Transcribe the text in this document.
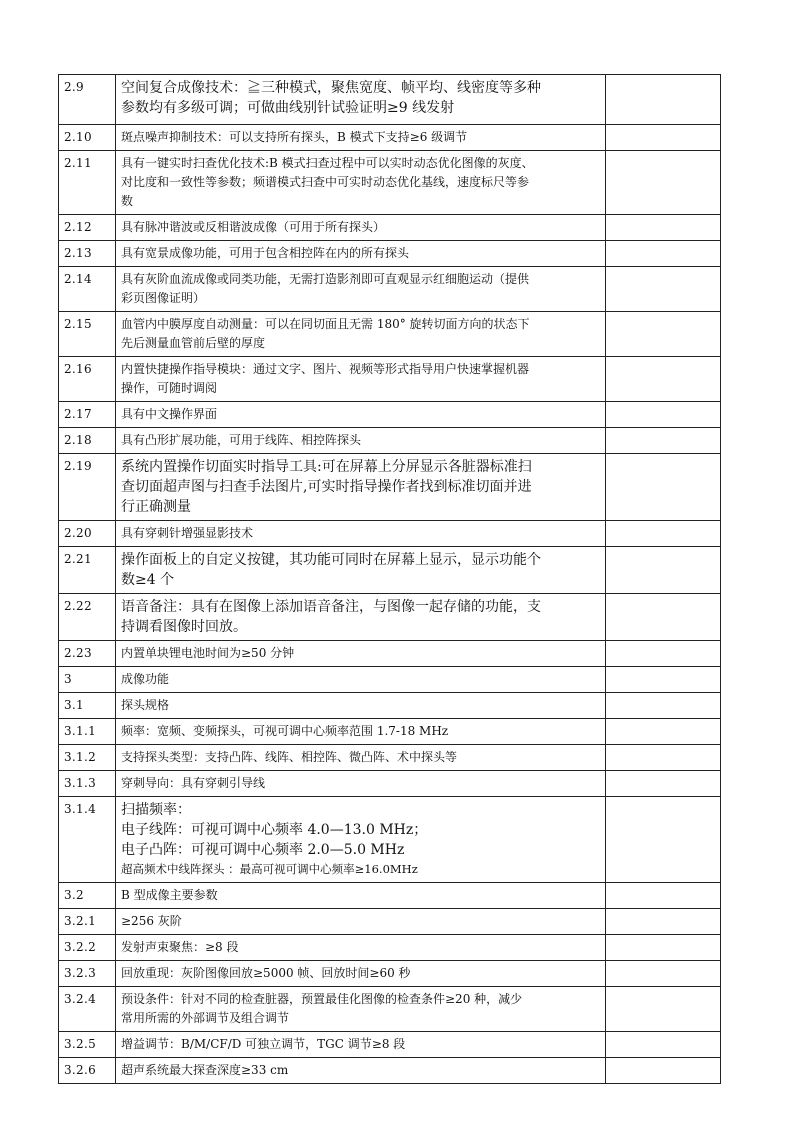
2.9	空间复合成像技术：≧三种模式，聚焦宽度、帧平均、线密度等多种
参数均有多级可调；可做曲线别针试验证明≥9 线发射	

2.10	斑点噪声抑制技术：可以支持所有探头，B 模式下支持≥6 级调节	

2.11	具有一键实时扫查优化技术:B 模式扫查过程中可以实时动态优化图像的灰度、
对比度和一致性等参数；频谱模式扫查中可实时动态优化基线，速度标尺等参
数	

2.12	具有脉冲谐波或反相谐波成像（可用于所有探头）	

2.13	具有宽景成像功能，可用于包含相控阵在内的所有探头	

2.14	具有灰阶血流成像或同类功能，无需打造影剂即可直观显示红细胞运动（提供
彩页图像证明）	

2.15	血管内中膜厚度自动测量：可以在同切面且无需 180° 旋转切面方向的状态下
先后测量血管前后壁的厚度	

2.16	内置快捷操作指导模块：通过文字、图片、视频等形式指导用户快速掌握机器
操作，可随时调阅	

2.17	具有中文操作界面	

2.18	具有凸形扩展功能，可用于线阵、相控阵探头	

2.19	系统内置操作切面实时指导工具:可在屏幕上分屏显示各脏器标准扫
查切面超声图与扫查手法图片,可实时指导操作者找到标准切面并进
行正确测量	

2.20	具有穿刺针增强显影技术	

2.21	操作面板上的自定义按键，其功能可同时在屏幕上显示，显示功能个
数≥4 个	

2.22	语音备注：具有在图像上添加语音备注，与图像一起存储的功能，支
持调看图像时回放。	

2.23	内置单块锂电池时间为≥50 分钟	

3	成像功能	

3.1	探头规格	

3.1.1	频率：宽频、变频探头，可视可调中心频率范围 1.7-18 MHz	

3.1.2	支持探头类型：支持凸阵、线阵、相控阵、微凸阵、术中探头等	

3.1.3	穿刺导向：具有穿刺引导线	

3.1.4	扫描频率：
电子线阵：可视可调中心频率 4.0—13.0 MHz；
电子凸阵：可视可调中心频率 2.0—5.0 MHz
超高频术中线阵探头 ：最高可视可调中心频率≥16.0MHz	

3.2	B 型成像主要参数	

3.2.1	≥256 灰阶	

3.2.2	发射声束聚焦：≥8 段	

3.2.3	回放重现：灰阶图像回放≥5000 帧、回放时间≥60 秒	

3.2.4	预设条件：针对不同的检查脏器，预置最佳化图像的检查条件≥20 种，减少
常用所需的外部调节及组合调节	

3.2.5	增益调节：B/M/CF/D 可独立调节，TGC 调节≥8 段	

3.2.6	超声系统最大探查深度≥33 cm	
